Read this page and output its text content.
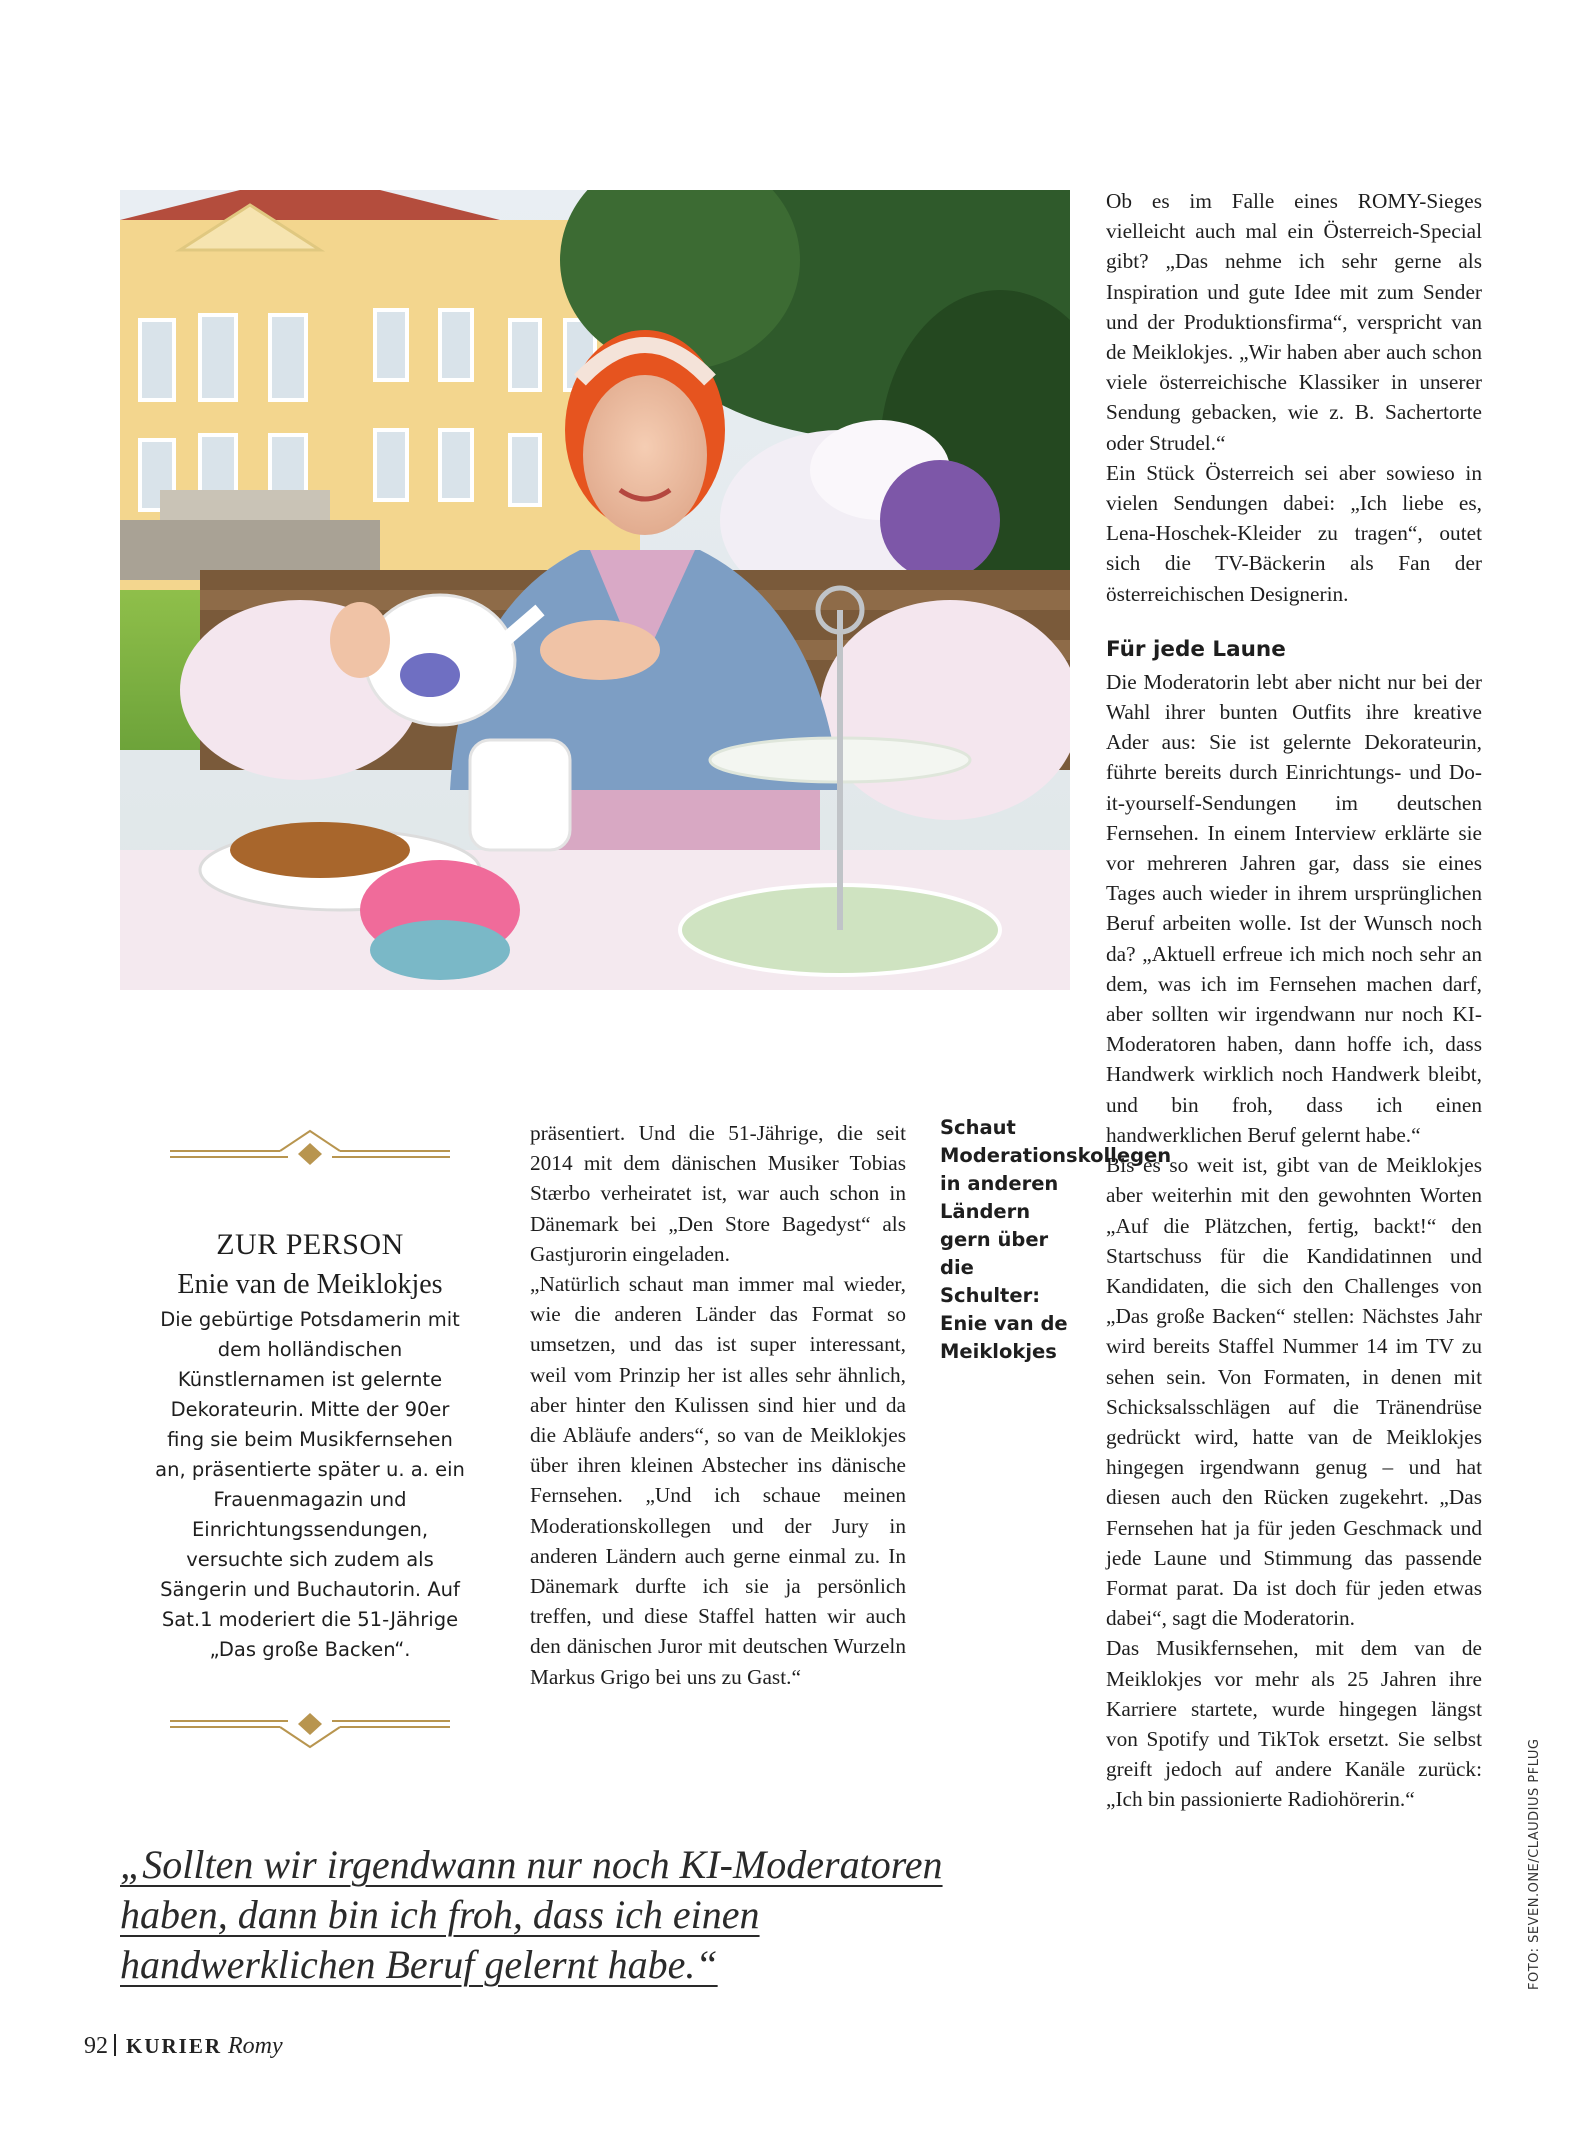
Ob es im Falle eines ROMY-Sieges vielleicht auch mal ein Österreich-Special gibt? „Das nehme ich sehr gerne als Inspiration und gute Idee mit zum Sender und der Produktionsfirma“, verspricht van de Meiklokjes. „Wir haben aber auch schon viele österreichische Klassiker in unserer Sendung gebacken, wie z. B. Sachertorte oder Strudel.“

Ein Stück Österreich sei aber sowieso in vielen Sendungen dabei: „Ich liebe es, Lena-Hoschek-Kleider zu tragen“, outet sich die TV-Bäckerin als Fan der österreichischen Designerin.

Für jede Laune

Die Moderatorin lebt aber nicht nur bei der Wahl ihrer bunten Outfits ihre kreative Ader aus: Sie ist gelernte Dekorateurin, führte bereits durch Einrichtungs- und Do-it-yourself-Sendungen im deutschen Fernsehen. In einem Interview erklärte sie vor mehreren Jahren gar, dass sie eines Tages auch wieder in ihrem ursprünglichen Beruf arbeiten wolle. Ist der Wunsch noch da? „Aktuell erfreue ich mich noch sehr an dem, was ich im Fernsehen machen darf, aber sollten wir irgendwann nur noch KI-Moderatoren haben, dann hoffe ich, dass Handwerk wirklich noch Handwerk bleibt, und bin froh, dass ich einen handwerklichen Beruf gelernt habe.“

Bis es so weit ist, gibt van de Meiklokjes aber weiterhin mit den gewohnten Worten „Auf die Plätzchen, fertig, backt!“ den Startschuss für die Kandidatinnen und Kandidaten, die sich den Challenges von „Das große Backen“ stellen: Nächstes Jahr wird bereits Staffel Nummer 14 im TV zu sehen sein. Von Formaten, in denen mit Schicksalsschlägen auf die Tränendrüse gedrückt wird, hatte van de Meiklokjes hingegen irgendwann genug – und hat diesen auch den Rücken zugekehrt. „Das Fernsehen hat ja für jeden Geschmack und jede Laune und Stimmung das passende Format parat. Da ist doch für jeden etwas dabei“, sagt die Moderatorin.

Das Musikfernsehen, mit dem van de Meiklokjes vor mehr als 25 Jahren ihre Karriere startete, wurde hingegen längst von Spotify und TikTok ersetzt. Sie selbst greift jedoch auf andere Kanäle zurück: „Ich bin passionierte Radiohörerin.“

präsentiert. Und die 51-Jährige, die seit 2014 mit dem dänischen Musiker Tobias Stærbo verheiratet ist, war auch schon in Dänemark bei „Den Store Bagedyst“ als Gastjurorin eingeladen.

„Natürlich schaut man immer mal wieder, wie die anderen Länder das Format so umsetzen, und das ist super interessant, weil vom Prinzip her ist alles sehr ähnlich, aber hinter den Kulissen sind hier und da die Abläufe anders“, so van de Meiklokjes über ihren kleinen Abstecher ins dänische Fernsehen. „Und ich schaue meinen Moderationskollegen und der Jury in anderen Ländern auch gerne einmal zu. In Dänemark durfte ich sie ja persönlich treffen, und diese Staffel hatten wir auch den dänischen Juror mit deutschen Wurzeln Markus Grigo bei uns zu Gast.“

Schaut Moderationskollegen in anderen Ländern gern über die Schulter: Enie van de Meiklokjes
ZUR PERSON
Enie van de Meiklokjes
Die gebürtige Potsdamerin mit dem holländischen Künstlernamen ist gelernte Dekorateurin. Mitte der 90er fing sie beim Musikfernsehen an, präsentierte später u. a. ein Frauenmagazin und Einrichtungssendungen, versuchte sich zudem als Sängerin und Buchautorin. Auf Sat.1 moderiert die 51-Jährige „Das große Backen“.
„Sollten wir irgendwann nur noch KI-Moderatoren haben, dann bin ich froh, dass ich einen handwerklichen Beruf gelernt habe.“
92 KURIER Romy
FOTO: SEVEN.ONE/CLAUDIUS PFLUG
